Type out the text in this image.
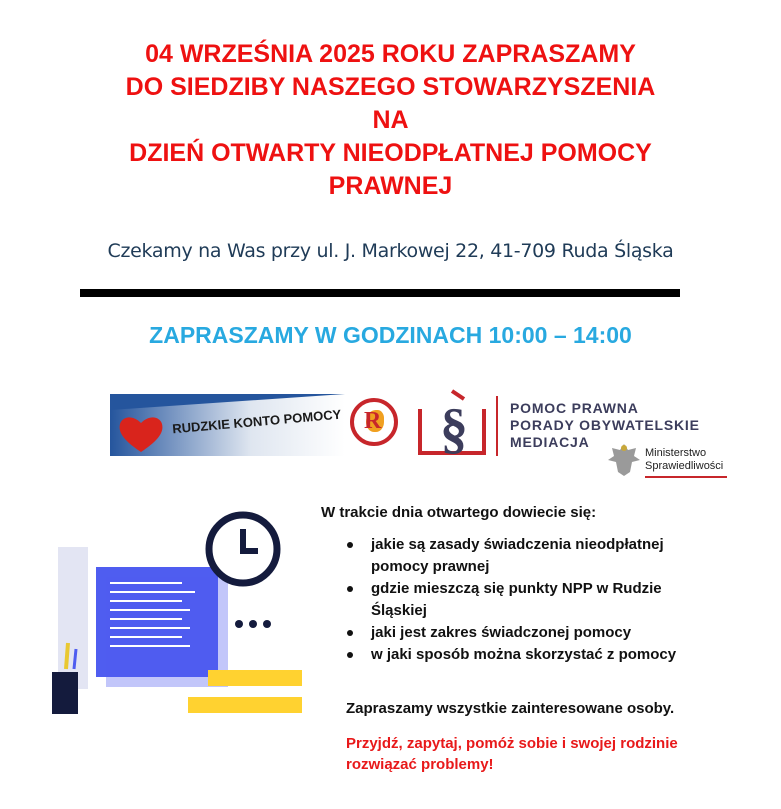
04 WRZEŚNIA 2025 ROKU ZAPRASZAMY
DO SIEDZIBY NASZEGO STOWARZYSZENIA
NA
DZIEŃ OTWARTY NIEODPŁATNEJ POMOCY
PRAWNEJ
Czekamy na Was przy ul. J. Markowej 22, 41-709 Ruda Śląska
ZAPRASZAMY W GODZINACH 10:00 – 14:00
RUDZKIE KONTO POMOCY R §	POMOC PRAWNA
PORADY OBYWATELSKIE
MEDIACJA
Ministerstwo
Sprawiedliwości
W trakcie dnia otwartego dowiecie się:
jakie są zasady świadczenia nieodpłatnej
pomocy prawnej
gdzie mieszczą się punkty NPP w Rudzie
Śląskiej
jaki jest zakres świadczonej pomocy
w jaki sposób można skorzystać z pomocy
Zapraszamy wszystkie zainteresowane osoby.
Przyjdź, zapytaj, pomóż sobie i swojej rodzinie
rozwiązać problemy!
